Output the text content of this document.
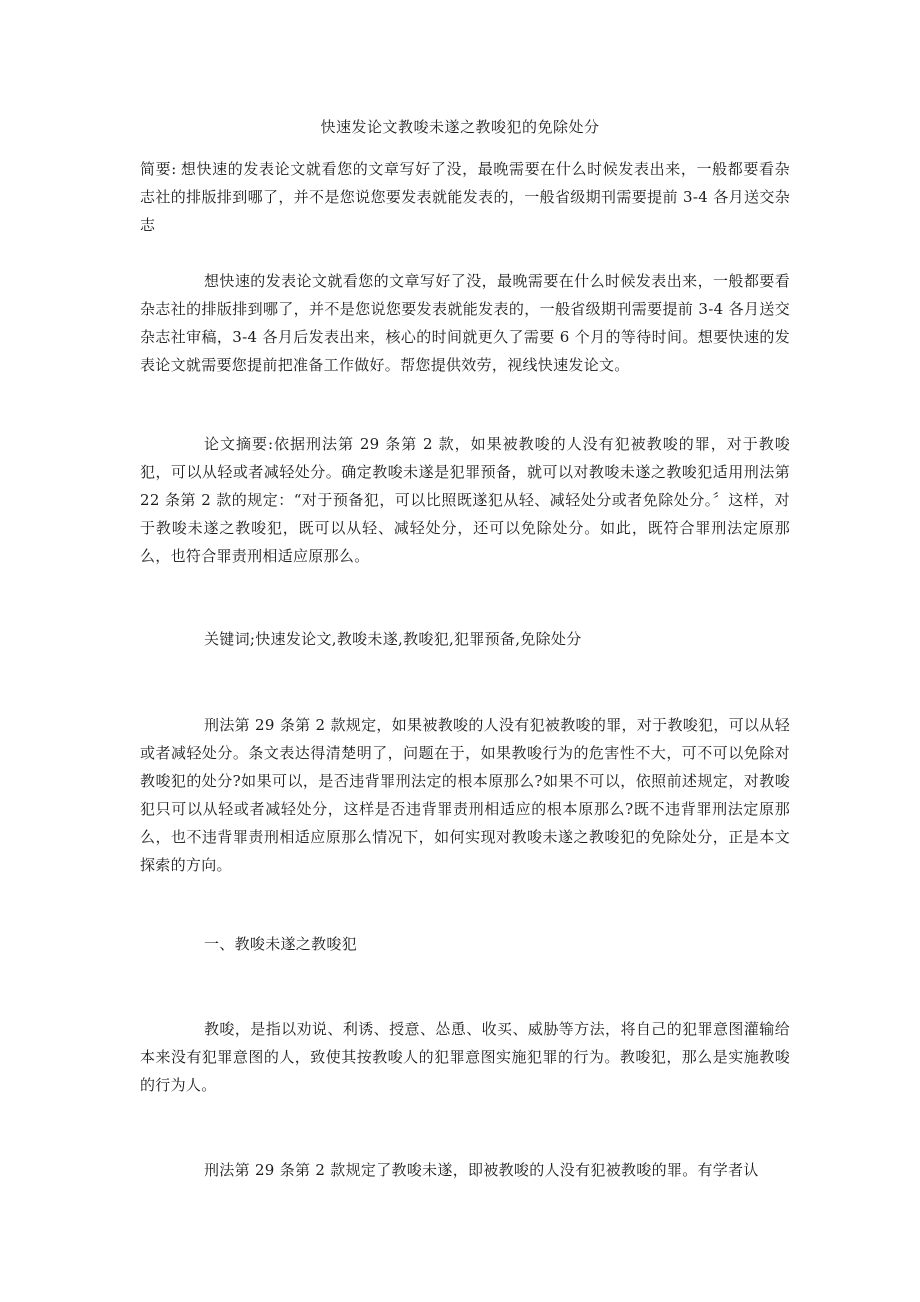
快速发论文教唆未遂之教唆犯的免除处分
简要: 想快速的发表论文就看您的文章写好了没，最晚需要在什么时候发表出来，一般都要看杂志社的排版排到哪了，并不是您说您要发表就能发表的，一般省级期刊需要提前 3-4 各月送交杂志
想快速的发表论文就看您的文章写好了没，最晚需要在什么时候发表出来，一般都要看杂志社的排版排到哪了，并不是您说您要发表就能发表的，一般省级期刊需要提前 3-4 各月送交杂志社审稿，3-4 各月后发表出来，核心的时间就更久了需要 6 个月的等待时间。想要快速的发表论文就需要您提前把准备工作做好。帮您提供效劳，视线快速发论文。
论文摘要:依据刑法第 29 条第 2 款，如果被教唆的人没有犯被教唆的罪，对于教唆犯，可以从轻或者减轻处分。确定教唆未遂是犯罪预备，就可以对教唆未遂之教唆犯适用刑法第 22 条第 2 款的规定：“对于预备犯，可以比照既遂犯从轻、减轻处分或者免除处分。〞这样，对于教唆未遂之教唆犯，既可以从轻、减轻处分，还可以免除处分。如此，既符合罪刑法定原那么，也符合罪责刑相适应原那么。
关键词;快速发论文,教唆未遂,教唆犯,犯罪预备,免除处分
刑法第 29 条第 2 款规定，如果被教唆的人没有犯被教唆的罪，对于教唆犯，可以从轻或者减轻处分。条文表达得清楚明了，问题在于，如果教唆行为的危害性不大，可不可以免除对教唆犯的处分?如果可以，是否违背罪刑法定的根本原那么?如果不可以，依照前述规定，对教唆犯只可以从轻或者减轻处分，这样是否违背罪责刑相适应的根本原那么?既不违背罪刑法定原那么，也不违背罪责刑相适应原那么情况下，如何实现对教唆未遂之教唆犯的免除处分，正是本文探索的方向。
一、教唆未遂之教唆犯
教唆，是指以劝说、利诱、授意、怂恿、收买、威胁等方法，将自己的犯罪意图灌输给本来没有犯罪意图的人，致使其按教唆人的犯罪意图实施犯罪的行为。教唆犯，那么是实施教唆的行为人。
刑法第 29 条第 2 款规定了教唆未遂，即被教唆的人没有犯被教唆的罪。有学者认
